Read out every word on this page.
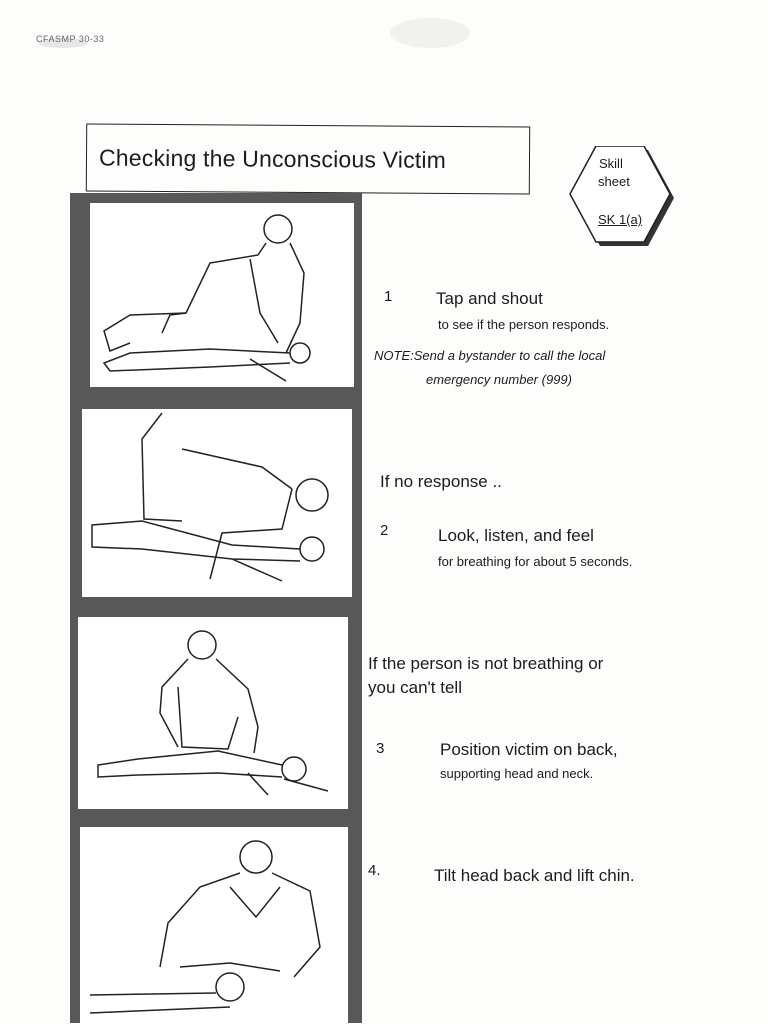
CFASMP 30-33
Checking the Unconscious Victim	Skill
sheet
SK 1(a)
1	Tap and shout
to see if the person responds.
NOTE:Send a bystander to call the local
emergency number (999)
If no response ..
2	Look, listen, and feel
for breathing for about 5 seconds.
If the person is not breathing or
you can't tell
3	Position victim on back,
supporting head and neck.
4.	Tilt head back and lift chin.
